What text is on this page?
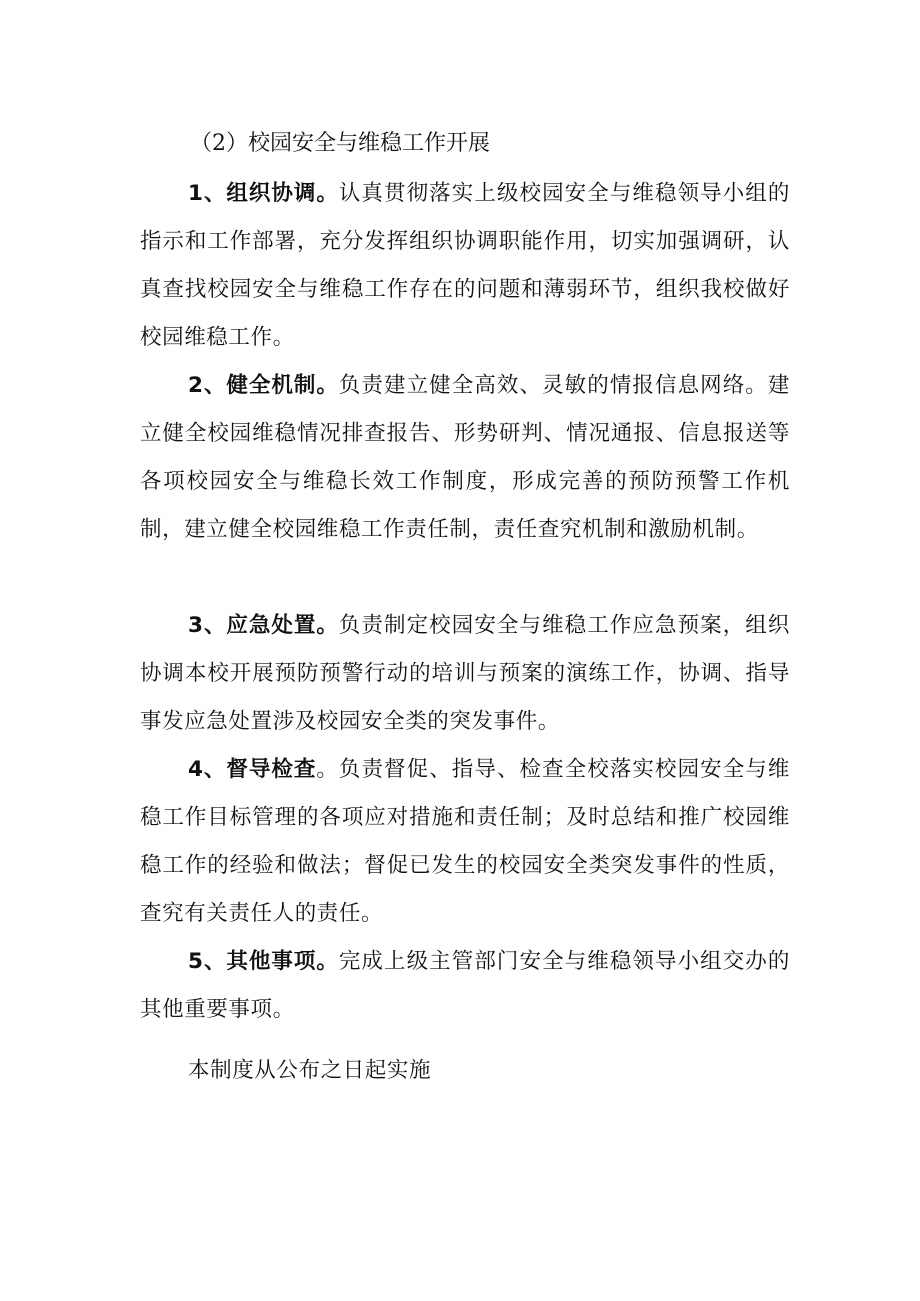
（2）校园安全与维稳工作开展

1、组织协调。认真贯彻落实上级校园安全与维稳领导小组的指示和工作部署，充分发挥组织协调职能作用，切实加强调研，认真查找校园安全与维稳工作存在的问题和薄弱环节，组织我校做好校园维稳工作。

2、健全机制。负责建立健全高效、灵敏的情报信息网络。建立健全校园维稳情况排查报告、形势研判、情况通报、信息报送等各项校园安全与维稳长效工作制度，形成完善的预防预警工作机制，建立健全校园维稳工作责任制，责任查究机制和激励机制。

3、应急处置。负责制定校园安全与维稳工作应急预案，组织协调本校开展预防预警行动的培训与预案的演练工作，协调、指导事发应急处置涉及校园安全类的突发事件。

4、督导检查。负责督促、指导、检查全校落实校园安全与维稳工作目标管理的各项应对措施和责任制；及时总结和推广校园维稳工作的经验和做法；督促已发生的校园安全类突发事件的性质，查究有关责任人的责任。

5、其他事项。完成上级主管部门安全与维稳领导小组交办的其他重要事项。

本制度从公布之日起实施
